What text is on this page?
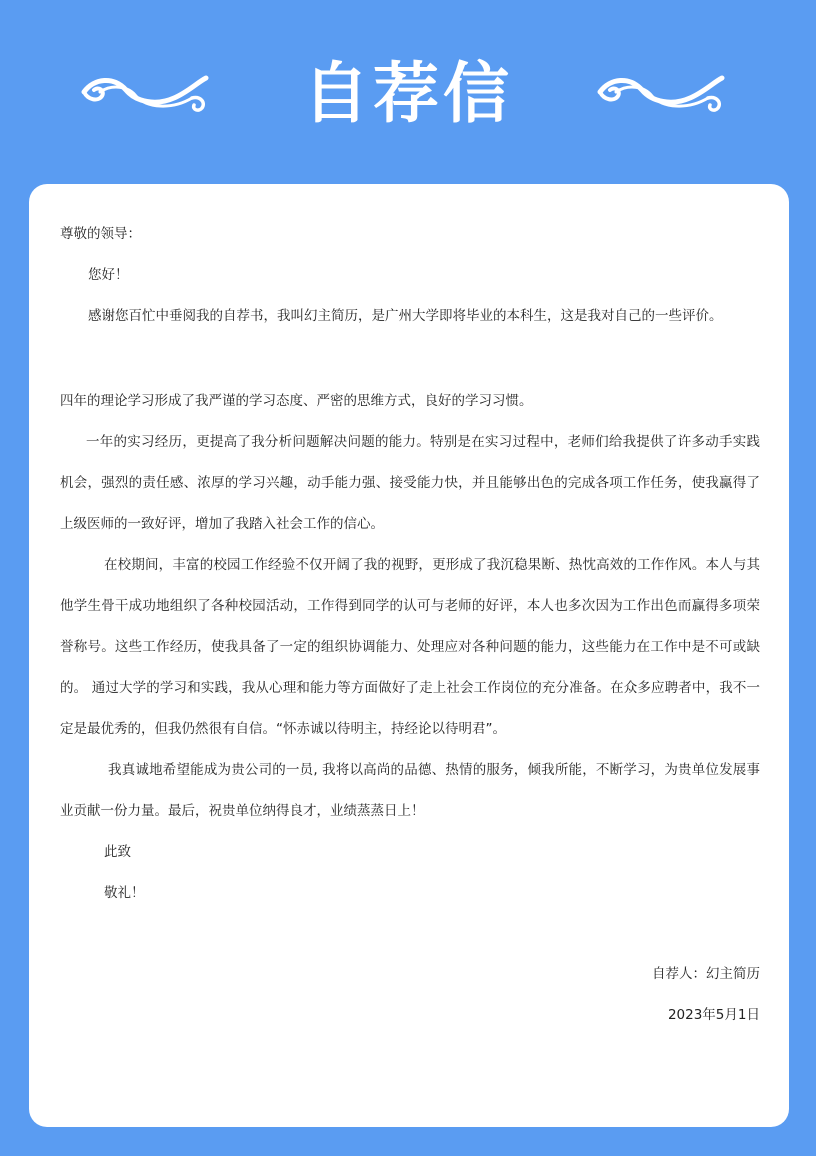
自荐信

尊敬的领导：

您好！

感谢您百忙中垂阅我的自荐书，我叫幻主简历，是广州大学即将毕业的本科生，这是我对自己的一些评价。

四年的理论学习形成了我严谨的学习态度、严密的思维方式，良好的学习习惯。

一年的实习经历，更提高了我分析问题解决问题的能力。特别是在实习过程中，老师们给我提供了许多动手实践机会，强烈的责任感、浓厚的学习兴趣，动手能力强、接受能力快，并且能够出色的完成各项工作任务，使我赢得了上级医师的一致好评，增加了我踏入社会工作的信心。

在校期间，丰富的校园工作经验不仅开阔了我的视野，更形成了我沉稳果断、热忱高效的工作作风。本人与其他学生骨干成功地组织了各种校园活动，工作得到同学的认可与老师的好评，本人也多次因为工作出色而赢得多项荣誉称号。这些工作经历，使我具备了一定的组织协调能力、处理应对各种问题的能力，这些能力在工作中是不可或缺的。 通过大学的学习和实践，我从心理和能力等方面做好了走上社会工作岗位的充分准备。在众多应聘者中，我不一定是最优秀的，但我仍然很有自信。“怀赤诚以待明主，持经论以待明君”。

我真诚地希望能成为贵公司的一员, 我将以高尚的品德、热情的服务，倾我所能，不断学习，为贵单位发展事业贡献一份力量。最后，祝贵单位纳得良才，业绩蒸蒸日上！

此致

敬礼！

自荐人：幻主简历

2023年5月1日
